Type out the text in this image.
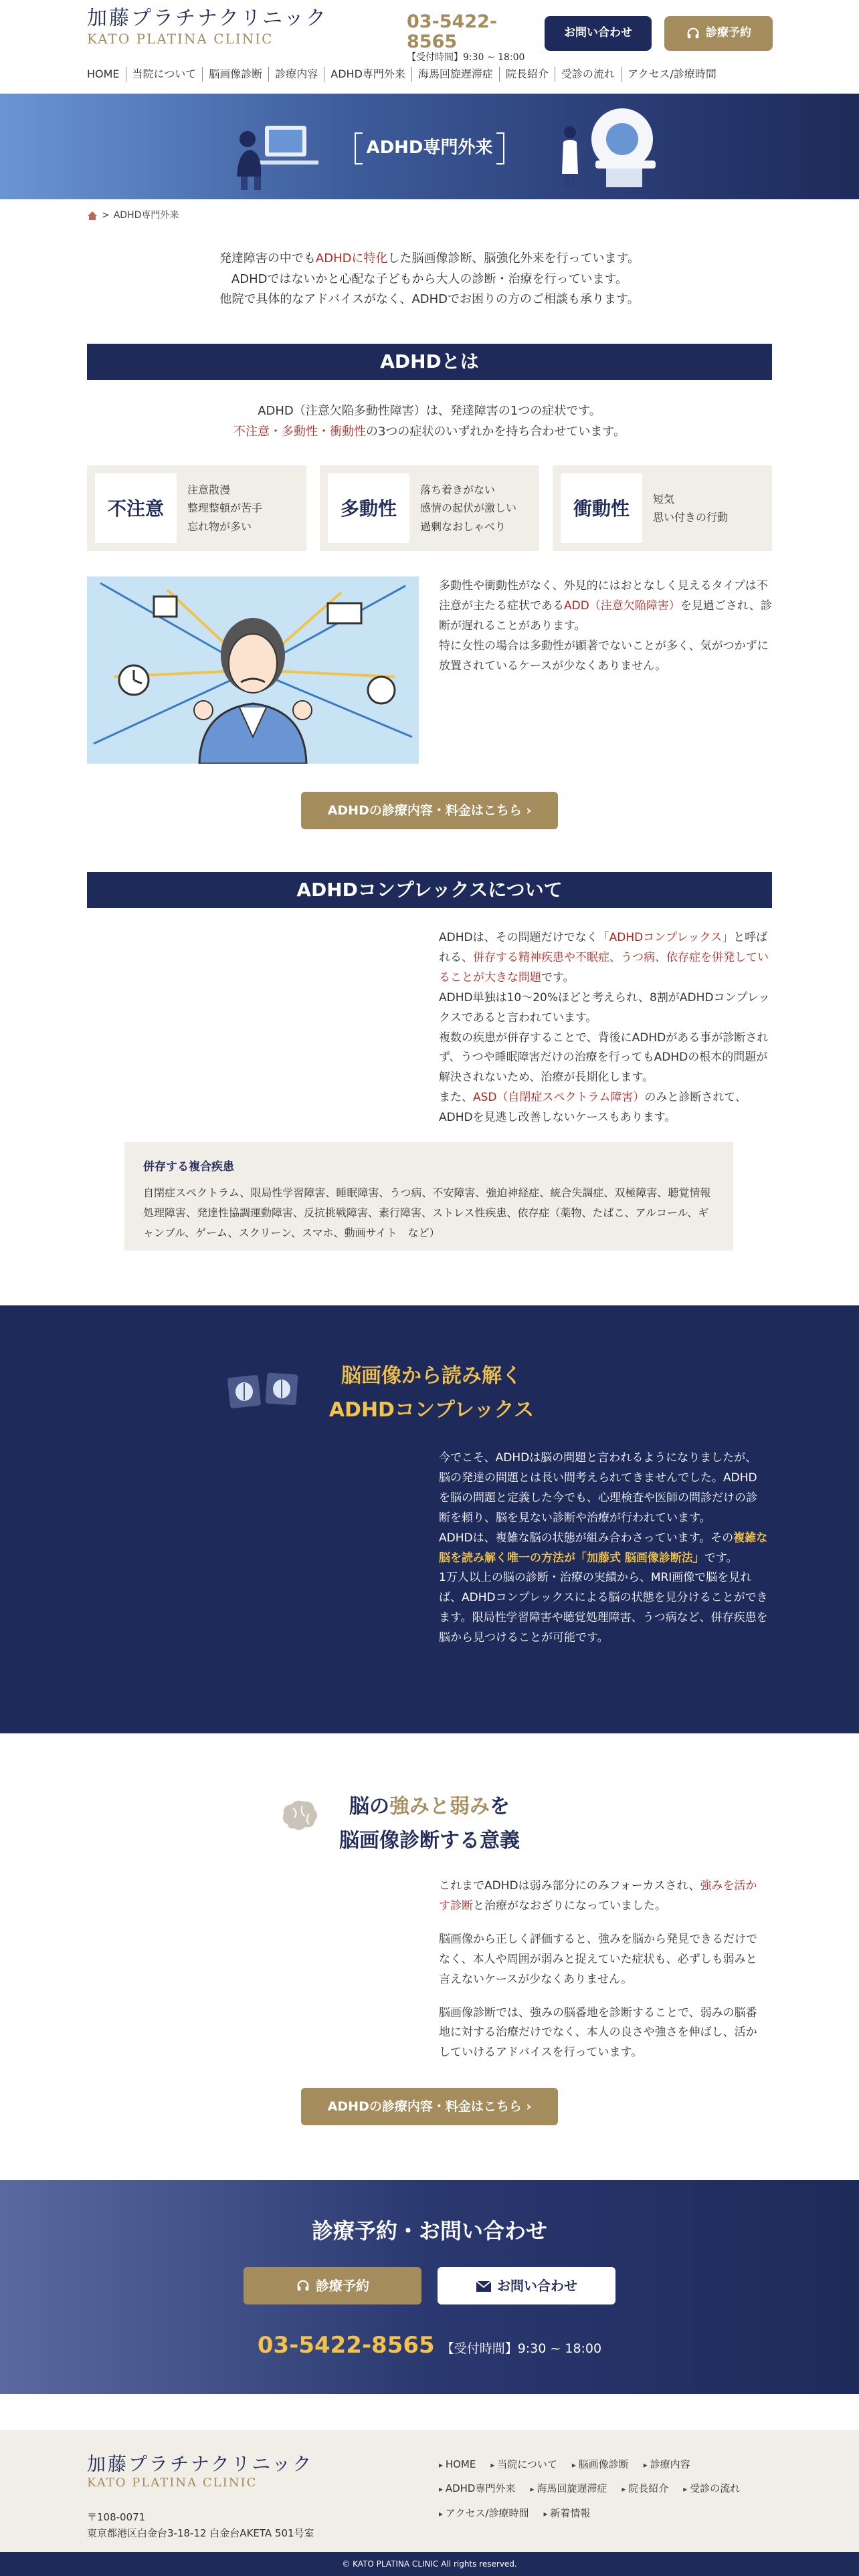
加藤プラチナクリニック
KATO PLATINA CLINIC
03-5422-8565
【受付時間】9:30 ~ 18:00
お問い合わせ	診療予約
HOME	当院について	脳画像診断	診療内容	ADHD専門外来	海馬回旋遅滞症	院長紹介	受診の流れ	アクセス/診療時間
ADHD専門外来
> ADHD専門外来

発達障害の中でもADHDに特化した脳画像診断、脳強化外来を行っています。

ADHDではないかと心配な子どもから大人の診断・治療を行っています。

他院で具体的なアドバイスがなく、ADHDでお困りの方のご相談も承ります。

ADHDとは

ADHD（注意欠陥多動性障害）は、発達障害の1つの症状です。

不注意・多動性・衝動性の3つの症状のいずれかを持ち合わせています。

不注意
注意散漫
整理整頓が苦手
忘れ物が多い
多動性
落ち着きがない
感情の起伏が激しい
過剰なおしゃべり
衝動性	短気
思い付きの行動

多動性や衝動性がなく、外見的にはおとなしく見えるタイプは不注意が主たる症状であるADD（注意欠陥障害）を見過ごされ、診断が遅れることがあります。

特に女性の場合は多動性が顕著でないことが多く、気がつかずに放置されているケースが少なくありません。

ADHDの診療内容・料金はこちら ›
ADHDコンプレックスについて

ADHDは、その問題だけでなく「ADHDコンプレックス」と呼ばれる、併存する精神疾患や不眠症、うつ病、依存症を併発していることが大きな問題です。

ADHD単独は10〜20%ほどと考えられ、8割がADHDコンプレックスであると言われています。

複数の疾患が併存することで、背後にADHDがある事が診断されず、うつや睡眠障害だけの治療を行ってもADHDの根本的問題が解決されないため、治療が長期化します。

また、ASD（自閉症スペクトラム障害）のみと診断されて、ADHDを見逃し改善しないケースもあります。

併存する複合疾患

自閉症スペクトラム、限局性学習障害、睡眠障害、うつ病、不安障害、強迫神経症、統合失調症、双極障害、聴覚情報処理障害、発達性協調運動障害、反抗挑戦障害、素行障害、ストレス性疾患、依存症（薬物、たばこ、アルコール、ギャンブル、ゲーム、スクリーン、スマホ、動画サイト　など）

脳画像から読み解く
ADHDコンプレックス

今でこそ、ADHDは脳の問題と言われるようになりましたが、脳の発達の問題とは長い間考えられてきませんでした。ADHDを脳の問題と定義した今でも、心理検査や医師の問診だけの診断を頼り、脳を見ない診断や治療が行われています。

ADHDは、複雑な脳の状態が組み合わさっています。その複雑な脳を読み解く唯一の方法が「加藤式 脳画像診断法」です。

1万人以上の脳の診断・治療の実績から、MRI画像で脳を見れば、ADHDコンプレックスによる脳の状態を見分けることができます。限局性学習障害や聴覚処理障害、うつ病など、併存疾患を脳から見つけることが可能です。

脳の強みと弱みを
脳画像診断する意義

これまでADHDは弱み部分にのみフォーカスされ、強みを活かす診断と治療がなおざりになっていました。

脳画像から正しく評価すると、強みを脳から発見できるだけでなく、本人や周囲が弱みと捉えていた症状も、必ずしも弱みと言えないケースが少なくありません。

脳画像診断では、強みの脳番地を診断することで、弱みの脳番地に対する治療だけでなく、本人の良さや強さを伸ばし、活かしていけるアドバイスを行っています。

ADHDの診療内容・料金はこちら ›
診療予約・お問い合わせ
診療予約	お問い合わせ
03-5422-8565 【受付時間】9:30 ~ 18:00
加藤プラチナクリニック
KATO PLATINA CLINIC
〒108-0071
東京都港区白金台3-18-12 白金台AKETA 501号室
▸ HOME	▸ 当院について	▸ 脳画像診断	▸ 診療内容
▸ ADHD専門外来	▸ 海馬回旋遅滞症	▸ 院長紹介	▸ 受診の流れ
▸ アクセス/診療時間	▸ 新着情報
© KATO PLATINA CLINIC All rights reserved.
